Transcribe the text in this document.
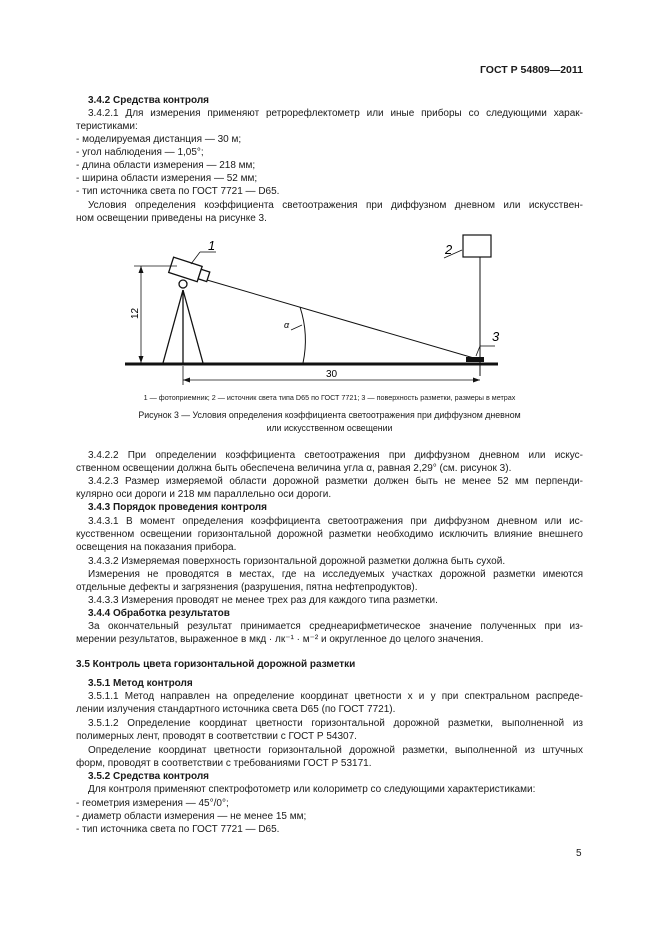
ГОСТ Р 54809—2011
3.4.2 Средства контроля
3.4.2.1 Для измерения применяют ретрорефлектометр или иные приборы со следующими харак-
теристиками:
- моделируемая дистанция — 30 м;
- угол наблюдения — 1,05°;
- длина области измерения — 218 мм;
- ширина области измерения — 52 мм;
- тип источника света по ГОСТ 7721 — D65.
Условия определения коэффициента светоотражения при диффузном дневном или искусствен-
ном освещении приведены на рисунке 3.
3.4.2.2 При определении коэффициента светоотражения при диффузном дневном или искус-
ственном освещении должна быть обеспечена величина угла α, равная 2,29° (см. рисунок 3).
3.4.2.3 Размер измеряемой области дорожной разметки должен быть не менее 52 мм перпенди-
кулярно оси дороги и 218 мм параллельно оси дороги.
3.4.3 Порядок проведения контроля
3.4.3.1 В момент определения коэффициента светоотражения при диффузном дневном или ис-
кусственном освещении горизонтальной дорожной разметки необходимо исключить влияние внешнего
освещения на показания прибора.
3.4.3.2 Измеряемая поверхность горизонтальной дорожной разметки должна быть сухой.
Измерения не проводятся в местах, где на исследуемых участках дорожной разметки имеются
отдельные дефекты и загрязнения (разрушения, пятна нефтепродуктов).
3.4.3.3 Измерения проводят не менее трех раз для каждого типа разметки.
3.4.4 Обработка результатов
За окончательный результат принимается среднеарифметическое значение полученных при из-
мерении результатов, выраженное в мкд · лк⁻¹ · м⁻² и округленное до целого значения.
3.5 Контроль цвета горизонтальной дорожной разметки
3.5.1 Метод контроля
3.5.1.1 Метод направлен на определение координат цветности x и y при спектральном распреде-
лении излучения стандартного источника света D65 (по ГОСТ 7721).
3.5.1.2 Определение координат цветности горизонтальной дорожной разметки, выполненной из
полимерных лент, проводят в соответствии с ГОСТ Р 54307.
Определение координат цветности горизонтальной дорожной разметки, выполненной из штучных
форм, проводят в соответствии с требованиями ГОСТ Р 53171.
3.5.2 Средства контроля
Для контроля применяют спектрофотометр или колориметр со следующими характеристиками:
- геометрия измерения — 45°/0°;
- диаметр области измерения — не менее 15 мм;
- тип источника света по ГОСТ 7721 — D65.
α
1	2
3
12
30
1 — фотоприемник; 2 — источник света типа D65 по ГОСТ 7721; 3 — поверхность разметки, размеры в метрах
Рисунок 3 — Условия определения коэффициента светоотражения при диффузном дневном
или искусственном освещении
5
